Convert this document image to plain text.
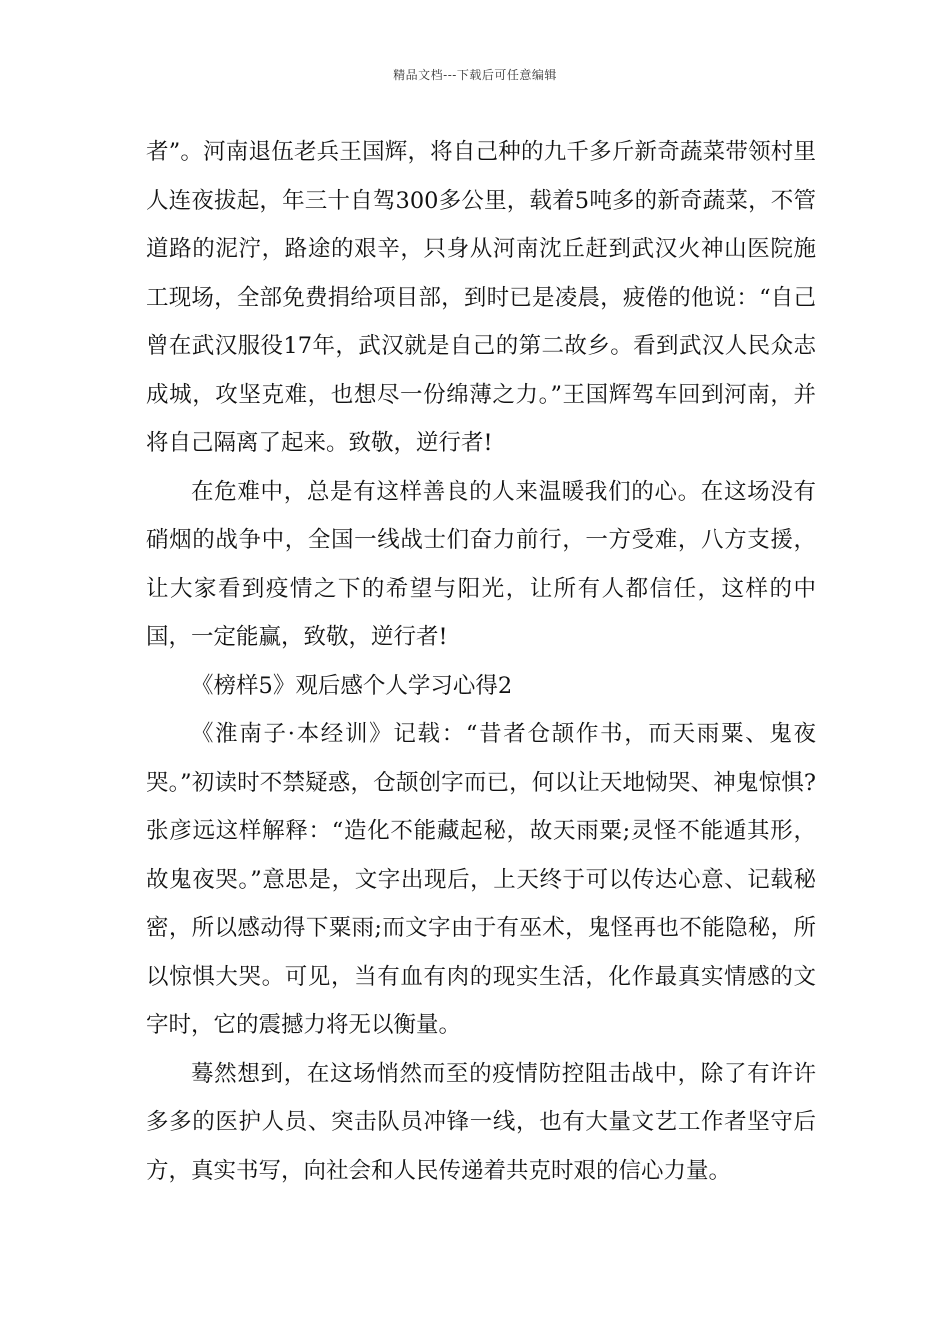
精品文档---下载后可任意编辑

者”。河南退伍老兵王国辉，将自己种的九千多斤新奇蔬菜带领村里人连夜拔起，年三十自驾300多公里，载着5吨多的新奇蔬菜，不管道路的泥泞，路途的艰辛，只身从河南沈丘赶到武汉火神山医院施工现场，全部免费捐给项目部，到时已是凌晨，疲倦的他说：“自己曾在武汉服役17年，武汉就是自己的第二故乡。看到武汉人民众志成城，攻坚克难，也想尽一份绵薄之力。”王国辉驾车回到河南，并将自己隔离了起来。致敬，逆行者!

在危难中，总是有这样善良的人来温暖我们的心。在这场没有硝烟的战争中，全国一线战士们奋力前行，一方受难，八方支援，让大家看到疫情之下的希望与阳光，让所有人都信任，这样的中国，一定能赢，致敬，逆行者!

《榜样5》观后感个人学习心得2

《淮南子·本经训》记载：“昔者仓颉作书，而天雨粟、鬼夜哭。”初读时不禁疑惑，仓颉创字而已，何以让天地恸哭、神鬼惊惧?张彦远这样解释：“造化不能藏起秘，故天雨粟;灵怪不能遁其形，故鬼夜哭。”意思是，文字出现后，上天终于可以传达心意、记载秘密，所以感动得下粟雨;而文字由于有巫术，鬼怪再也不能隐秘，所以惊惧大哭。可见，当有血有肉的现实生活，化作最真实情感的文字时，它的震撼力将无以衡量。

蓦然想到，在这场悄然而至的疫情防控阻击战中，除了有许许多多的医护人员、突击队员冲锋一线，也有大量文艺工作者坚守后方，真实书写，向社会和人民传递着共克时艰的信心力量。
